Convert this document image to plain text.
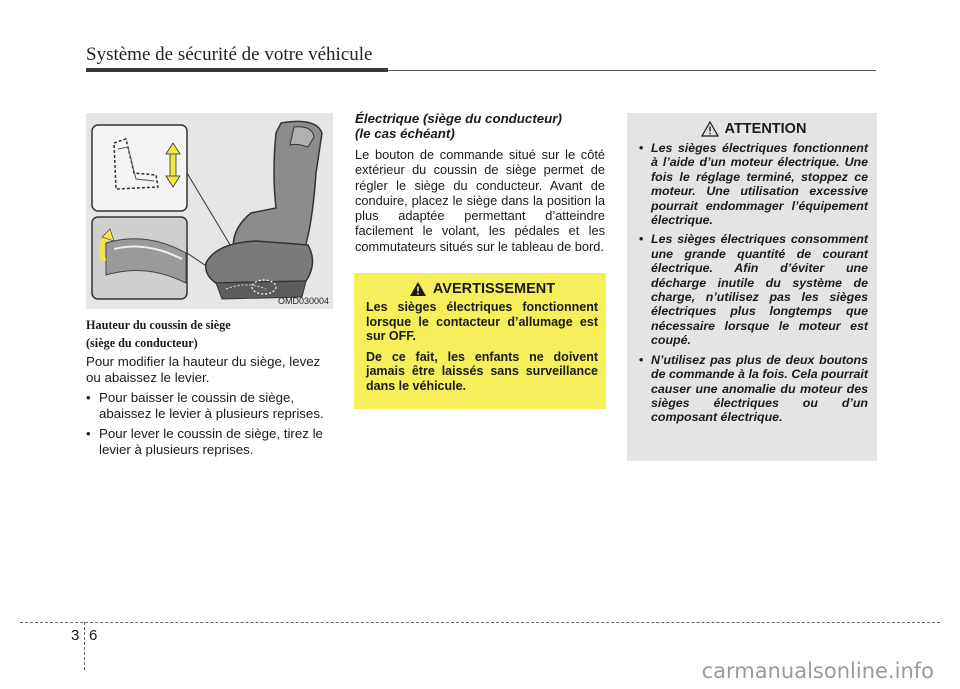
Système de sécurité de votre véhicule
OMD030004
Hauteur du coussin de siège
(siège du conducteur)

Pour modifier la hauteur du siège, levez ou abaissez le levier.

• Pour baisser le coussin de siège, abaissez le levier à plusieurs reprises.
• Pour lever le coussin de siège, tirez le levier à plusieurs reprises.
Électrique (siège du conducteur)
(le cas échéant)
Le bouton de commande situé sur le côté extérieur du coussin de siège permet de régler le siège du conducteur. Avant de conduire, placez le siège dans la position la plus adaptée permettant d’atteindre facilement le volant, les pédales et les commutateurs situés sur le tableau de bord.
AVERTISSEMENT

Les sièges électriques fonctionnent lorsque le contacteur d’allumage est sur OFF.

De ce fait, les enfants ne doivent jamais être laissés sans surveillance dans le véhicule.

ATTENTION
• Les sièges électriques fonctionnent à l’aide d’un moteur électrique. Une fois le réglage terminé, stoppez ce moteur. Une utilisation excessive pourrait endommager l’équipement électrique.
• Les sièges électriques consomment une grande quantité de courant électrique. Afin d’éviter une décharge inutile du système de charge, n’utilisez pas les sièges électriques plus longtemps que nécessaire lorsque le moteur est coupé.
• N’utilisez pas plus de deux boutons de commande à la fois. Cela pourrait causer une anomalie du moteur des sièges électriques ou d’un composant électrique.
3 6
carmanualsonline.info
